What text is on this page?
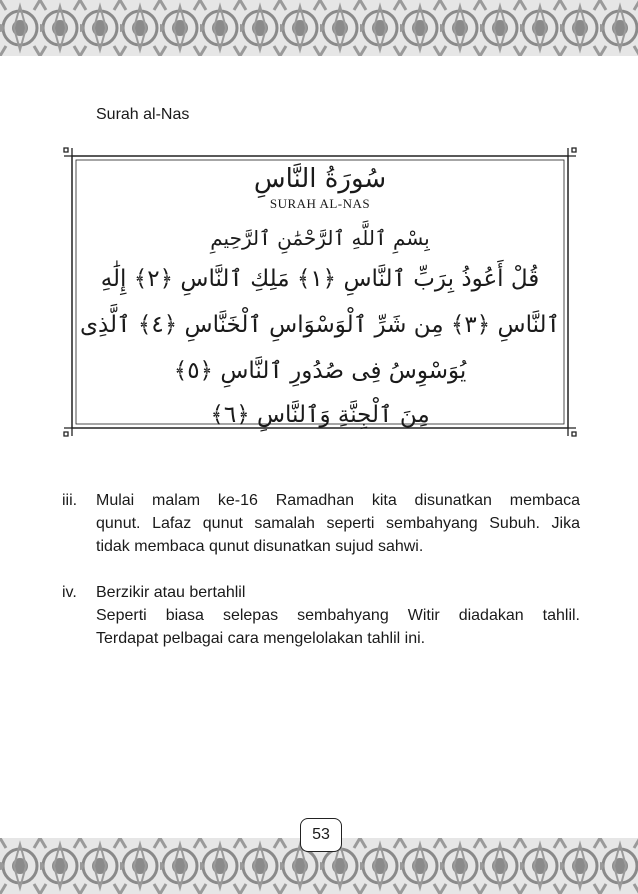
Surah al-Nas
سُورَةُ النَّاسِ
SURAH AL-NAS
بِسْمِ ٱللَّهِ ٱلرَّحْمَٰنِ ٱلرَّحِيمِ
قُلْ أَعُوذُ بِرَبِّ ٱلنَّاسِ ﴿١﴾ مَلِكِ ٱلنَّاسِ ﴿٢﴾ إِلَٰهِ
ٱلنَّاسِ ﴿٣﴾ مِن شَرِّ ٱلْوَسْوَاسِ ٱلْخَنَّاسِ ﴿٤﴾ ٱلَّذِى
يُوَسْوِسُ فِى صُدُورِ ٱلنَّاسِ ﴿٥﴾
مِنَ ٱلْجِنَّةِ وَٱلنَّاسِ ﴿٦﴾
iii. Mulai malam ke-16 Ramadhan kita disunatkan membaca
qunut. Lafaz qunut samalah seperti sembahyang Subuh. Jika
tidak membaca qunut disunatkan sujud sahwi.
iv. Berzikir atau bertahlil
Seperti biasa selepas sembahyang Witir diadakan tahlil.
Terdapat pelbagai cara mengelolakan tahlil ini.
53
